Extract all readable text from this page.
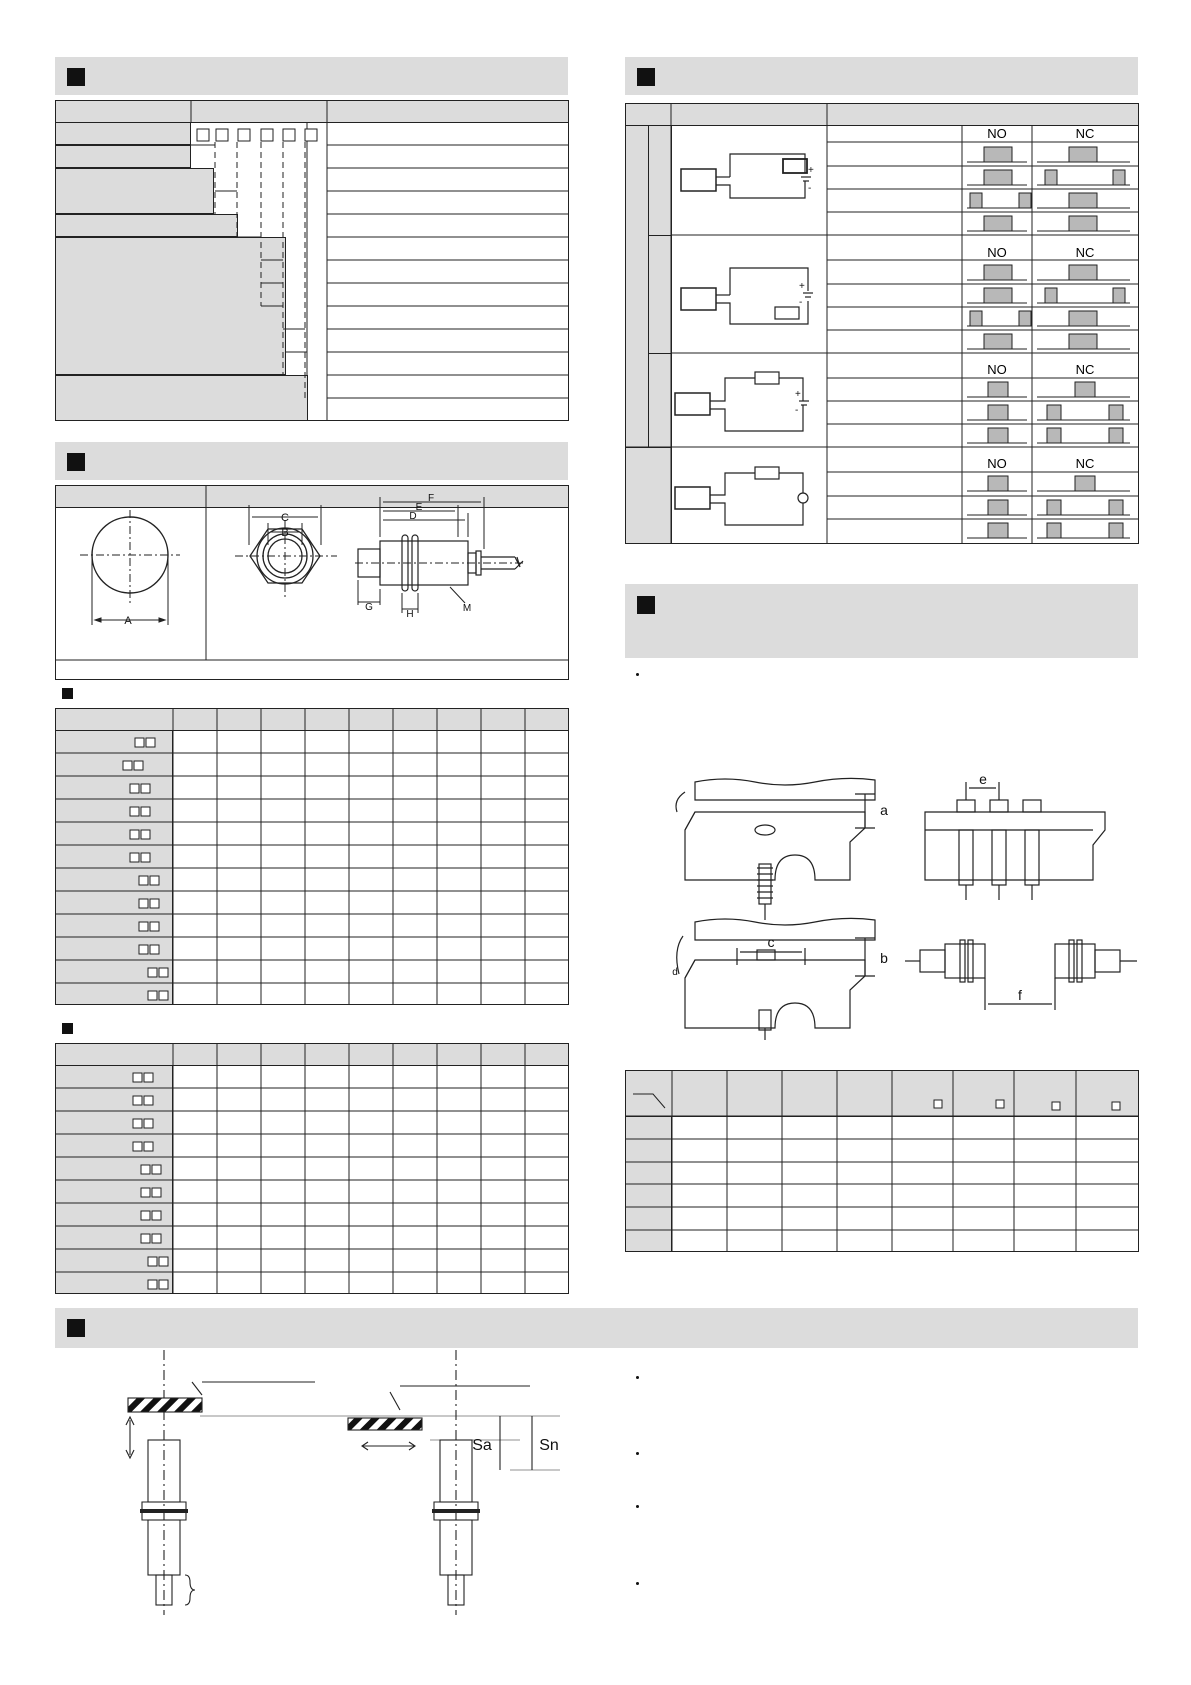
NO	NC
NO	NC
NO	NC
NO	NC
+
-
+
-
+
-
A
C
B
F
E
D
G
H
M
a
b
c
d
e
f
Sa	Sn
